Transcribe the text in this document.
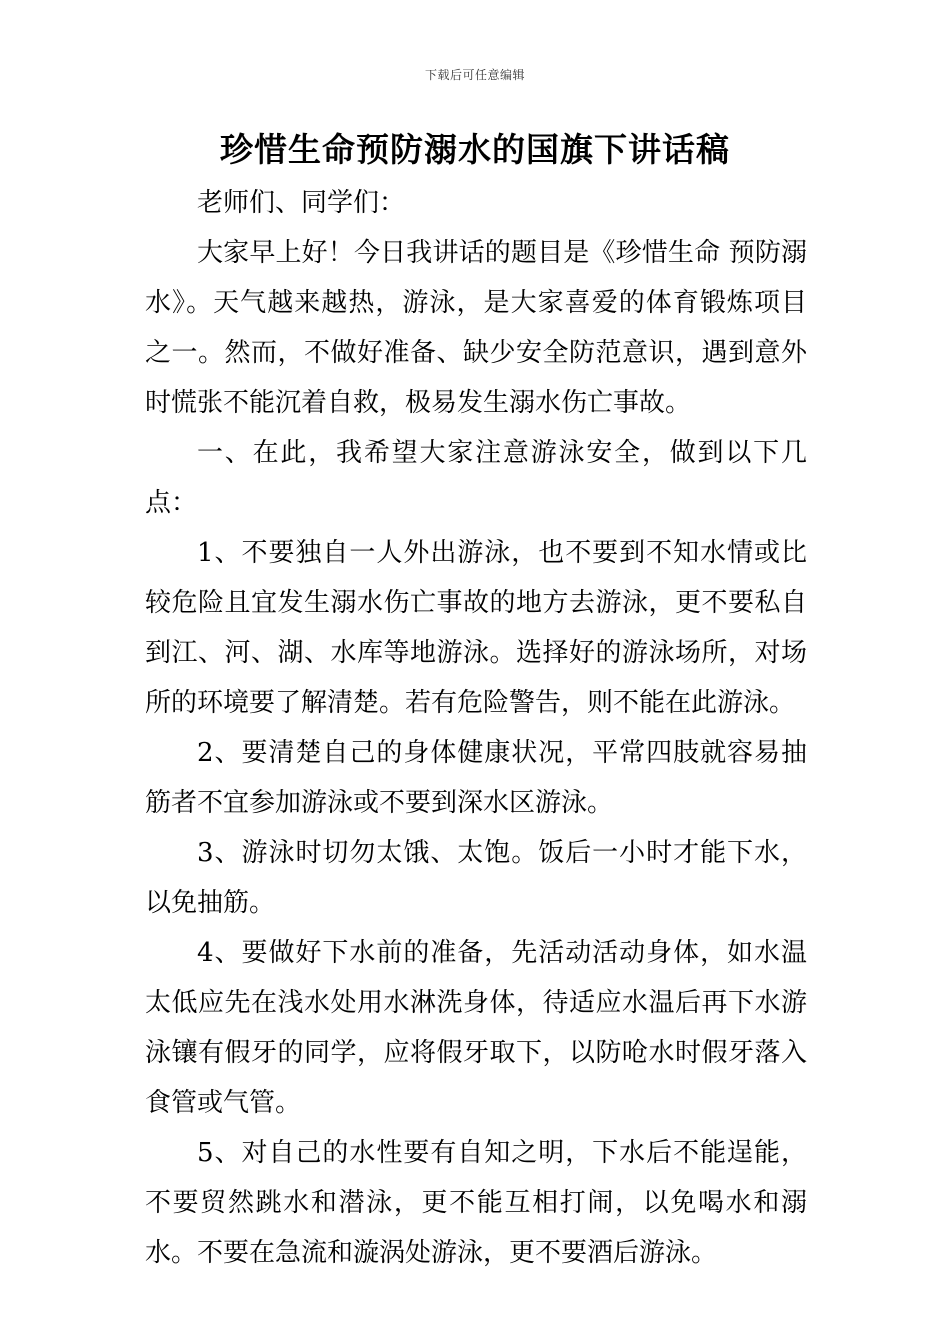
下载后可任意编辑
珍惜生命预防溺水的国旗下讲话稿

老师们、同学们：

大家早上好！今日我讲话的题目是《珍惜生命 预防溺水》。天气越来越热，游泳，是大家喜爱的体育锻炼项目之一。然而，不做好准备、缺少安全防范意识，遇到意外时慌张不能沉着自救，极易发生溺水伤亡事故。

一、在此，我希望大家注意游泳安全，做到以下几点：

1、不要独自一人外出游泳，也不要到不知水情或比较危险且宜发生溺水伤亡事故的地方去游泳，更不要私自到江、河、湖、水库等地游泳。选择好的游泳场所，对场所的环境要了解清楚。若有危险警告，则不能在此游泳。

2、要清楚自己的身体健康状况，平常四肢就容易抽筋者不宜参加游泳或不要到深水区游泳。

3、游泳时切勿太饿、太饱。饭后一小时才能下水，以免抽筋。

4、要做好下水前的准备，先活动活动身体，如水温太低应先在浅水处用水淋洗身体，待适应水温后再下水游泳镶有假牙的同学，应将假牙取下，以防呛水时假牙落入食管或气管。

5、对自己的水性要有自知之明，下水后不能逞能，不要贸然跳水和潜泳，更不能互相打闹，以免喝水和溺水。不要在急流和漩涡处游泳，更不要酒后游泳。
